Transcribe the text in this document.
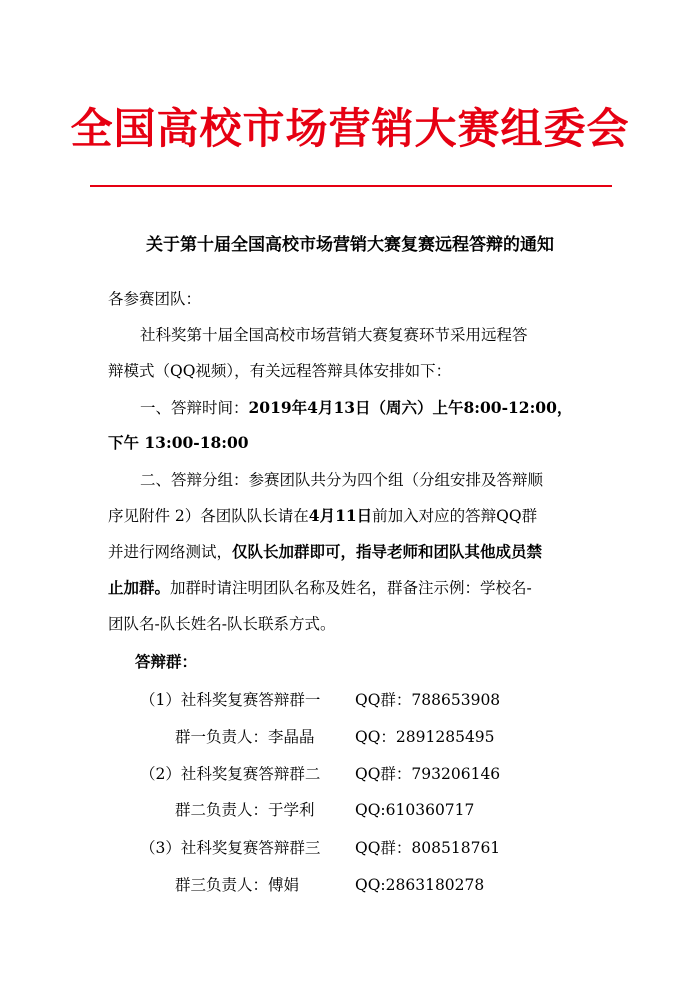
全国高校市场营销大赛组委会
关于第十届全国高校市场营销大赛复赛远程答辩的通知
各参赛团队：
社科奖第十届全国高校市场营销大赛复赛环节采用远程答
辩模式（QQ视频），有关远程答辩具体安排如下：
一、答辩时间：2019年4月13日（周六）上午8:00-12:00，
下午 13:00-18:00
二、答辩分组：参赛团队共分为四个组（分组安排及答辩顺
序见附件 2）各团队队长请在4月11日前加入对应的答辩QQ群
并进行网络测试，仅队长加群即可，指导老师和团队其他成员禁
止加群。加群时请注明团队名称及姓名，群备注示例：学校名-
团队名-队长姓名-队长联系方式。
答辩群：
（1）社科奖复赛答辩群一 QQ群：788653908
群一负责人：李晶晶	QQ：2891285495
（2）社科奖复赛答辩群二 QQ群：793206146
群二负责人：于学利	QQ:610360717
（3）社科奖复赛答辩群三 QQ群：808518761
群三负责人：傅娟	QQ:2863180278
